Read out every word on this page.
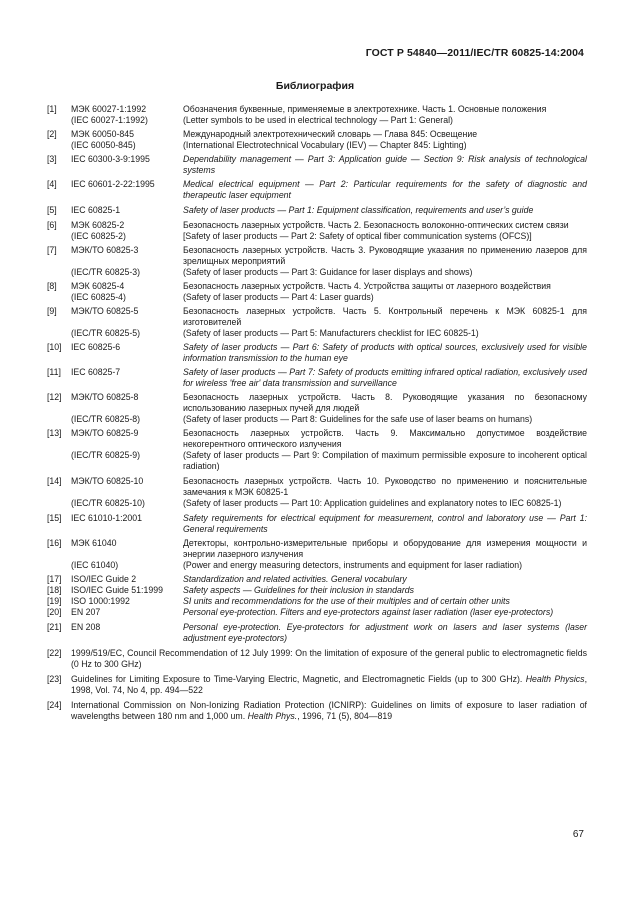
ГОСТ Р 54840—2011/IEC/TR 60825-14:2004
Библиография
[1]	МЭК 60027-1:1992	Обозначения буквенные, применяемые в электротехнике. Часть 1. Основные положения
(IEC 60027-1:1992)	(Letter symbols to be used in electrical technology — Part 1: General)
[2]	МЭК 60050-845	Международный электротехнический словарь — Глава 845: Освещение
(IEC 60050-845)	(International Electrotechnical Vocabulary (IEV) — Chapter 845: Lighting)
[3]	IEC 60300-3-9:1995	Dependability management — Part 3: Application guide — Section 9: Risk analysis of technological systems
[4]	IEC 60601-2-22:1995	Medical electrical equipment — Part 2: Particular requirements for the safety of diagnostic and therapeutic laser equipment
[5]	IEC 60825-1	Safety of laser products — Part 1: Equipment classification, requirements and user’s guide
[6]	МЭК 60825-2	Безопасность лазерных устройств. Часть 2. Безопасность волоконно-оптических систем связи
(IEC 60825-2)	[Safety of laser products — Part 2: Safety of optical fiber communication systems (OFCS)]
[7]	МЭК/ТО 60825-3	Безопасность лазерных устройств. Часть 3. Руководящие указания по применению лазеров для зрелищных мероприятий
(IEC/TR 60825-3)	(Safety of laser products — Part 3: Guidance for laser displays and shows)
[8]	МЭК 60825-4	Безопасность лазерных устройств. Часть 4. Устройства защиты от лазерного воздействия
(IEC 60825-4)	(Safety of laser products — Part 4: Laser guards)
[9]	МЭК/ТО 60825-5	Безопасность лазерных устройств. Часть 5. Контрольный перечень к МЭК 60825-1 для изготовителей
(IEC/TR 60825-5)	(Safety of laser products — Part 5: Manufacturers checklist for IEC 60825-1)
[10]	IEC 60825-6	Safety of laser products — Part 6: Safety of products with optical sources, exclusively used for visible information transmission to the human eye
[11]	IEC 60825-7	Safety of laser products — Part 7: Safety of products emitting infrared optical radiation, exclusively used for wireless 'free air' data transmission and surveillance
[12]	МЭК/ТО 60825-8	Безопасность лазерных устройств. Часть 8. Руководящие указания по безопасному использованию лазерных пучей для людей
(IEC/TR 60825-8)	(Safety of laser products — Part 8: Guidelines for the safe use of laser beams on humans)
[13]	МЭК/ТО 60825-9	Безопасность лазерных устройств. Часть 9. Максимально допустимое воздействие некогерентного оптического излучения
(IEC/TR 60825-9)	(Safety of laser products — Part 9: Compilation of maximum permissible exposure to incoherent optical radiation)
[14]	МЭК/ТО 60825-10	Безопасность лазерных устройств. Часть 10. Руководство по применению и пояснительные замечания к МЭК 60825-1
(IEC/TR 60825-10)	(Safety of laser products — Part 10: Application guidelines and explanatory notes to IEC 60825-1)
[15]	IEC 61010-1:2001	Safety requirements for electrical equipment for measurement, control and laboratory use — Part 1: General requirements
[16]	МЭК 61040	Детекторы, контрольно-измерительные приборы и оборудование для измерения мощности и энергии лазерного излучения
(IEC 61040)	(Power and energy measuring detectors, instruments and equipment for laser radiation)
[17]	ISO/IEC Guide 2	Standardization and related activities. General vocabulary
[18]	ISO/IEC Guide 51:1999	Safety aspects — Guidelines for their inclusion in standards
[19]	ISO 1000:1992	SI units and recommendations for the use of their multiples and of certain other units
[20]	EN 207	Personal eye-protection. Filters and eye-protectors against laser radiation (laser eye-protectors)
[21]	EN 208	Personal eye-protection. Eye-protectors for adjustment work on lasers and laser systems (laser adjustment eye-protectors)
[22]	1999/519/EC, Council Recommendation of 12 July 1999: On the limitation of exposure of the general public to electromagnetic fields (0 Hz to 300 GHz)
[23]	Guidelines for Limiting Exposure to Time-Varying Electric, Magnetic, and Electromagnetic Fields (up to 300 GHz). Health Physics, 1998, Vol. 74, No 4, pp. 494—522
[24]	International Commission on Non-Ionizing Radiation Protection (ICNIRP): Guidelines on limits of exposure to laser radiation of wavelengths between 180 nm and 1,000 um. Health Phys., 1996, 71 (5), 804—819
67
